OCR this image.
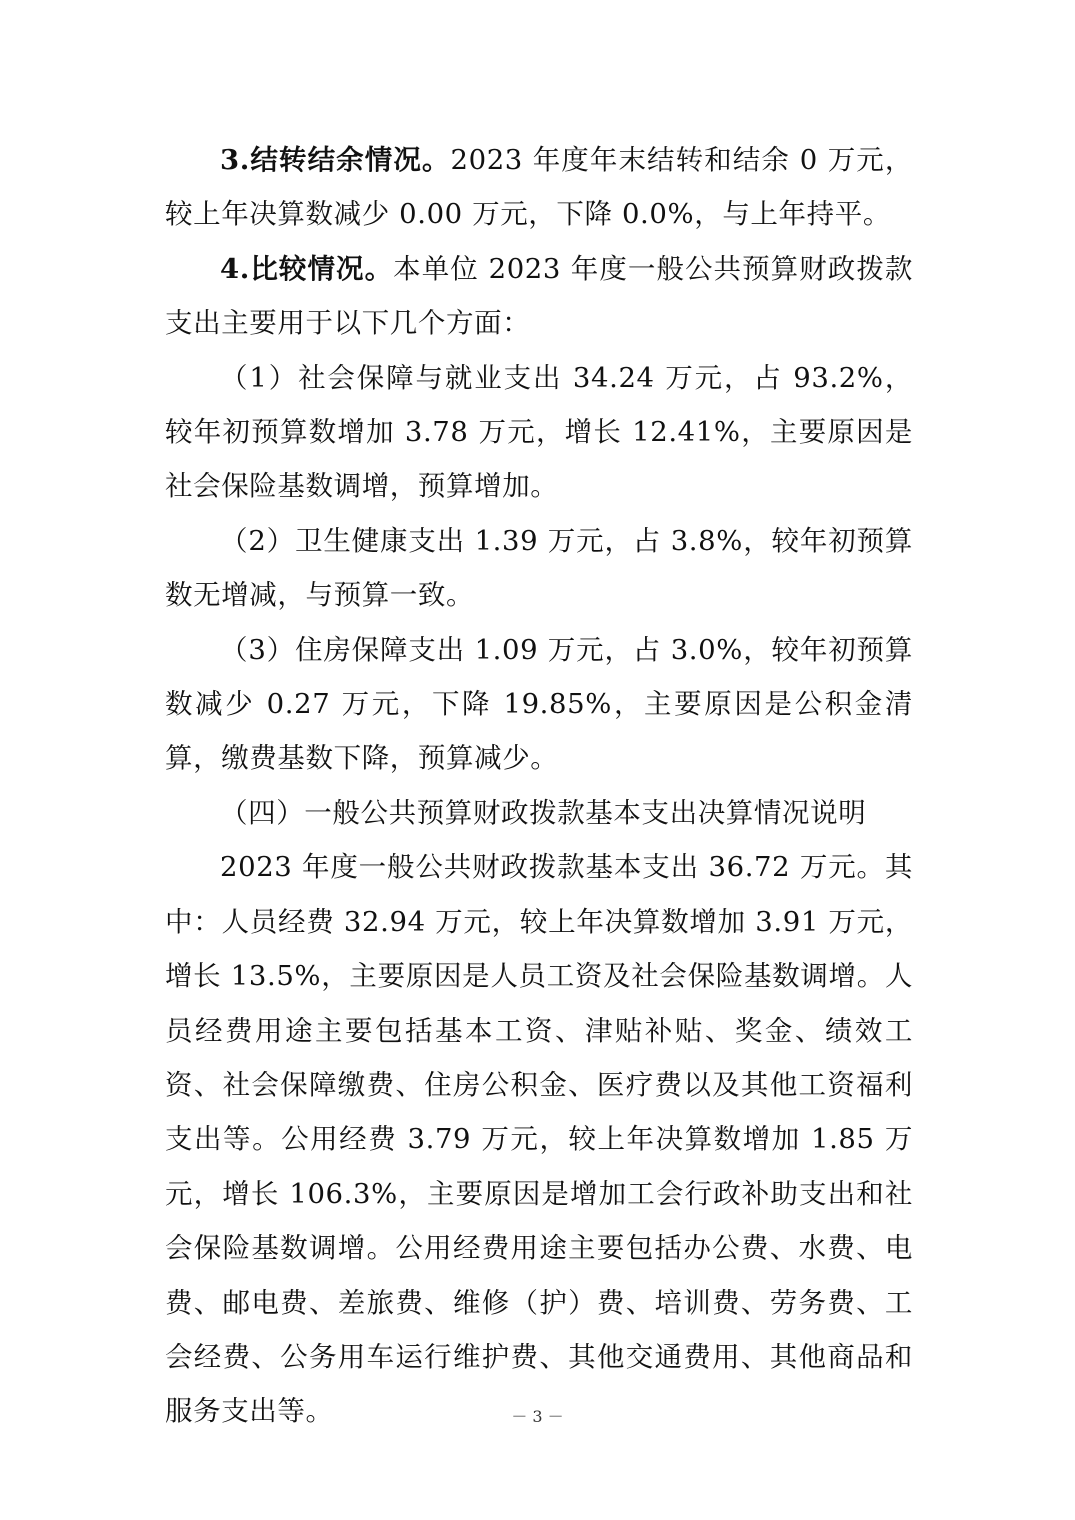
3.结转结余情况。2023 年度年末结转和结余 0 万元，较上年决算数减少 0.00 万元，下降 0.0%，与上年持平。

4.比较情况。本单位 2023 年度一般公共预算财政拨款支出主要用于以下几个方面：

（1）社会保障与就业支出 34.24 万元，占 93.2%，较年初预算数增加 3.78 万元，增长 12.41%，主要原因是社会保险基数调增，预算增加。

（2）卫生健康支出 1.39 万元，占 3.8%，较年初预算数无增减，与预算一致。

（3）住房保障支出 1.09 万元，占 3.0%，较年初预算数减少 0.27 万元，下降 19.85%，主要原因是公积金清算，缴费基数下降，预算减少。

（四）一般公共预算财政拨款基本支出决算情况说明

2023 年度一般公共财政拨款基本支出 36.72 万元。其中：人员经费 32.94 万元，较上年决算数增加 3.91 万元，增长 13.5%，主要原因是人员工资及社会保险基数调增。人员经费用途主要包括基本工资、津贴补贴、奖金、绩效工资、社会保障缴费、住房公积金、医疗费以及其他工资福利支出等。公用经费 3.79 万元，较上年决算数增加 1.85 万元，增长 106.3%，主要原因是增加工会行政补助支出和社会保险基数调增。公用经费用途主要包括办公费、水费、电费、邮电费、差旅费、维修（护）费、培训费、劳务费、工会经费、公务用车运行维护费、其他交通费用、其他商品和服务支出等。	－ 3 －
